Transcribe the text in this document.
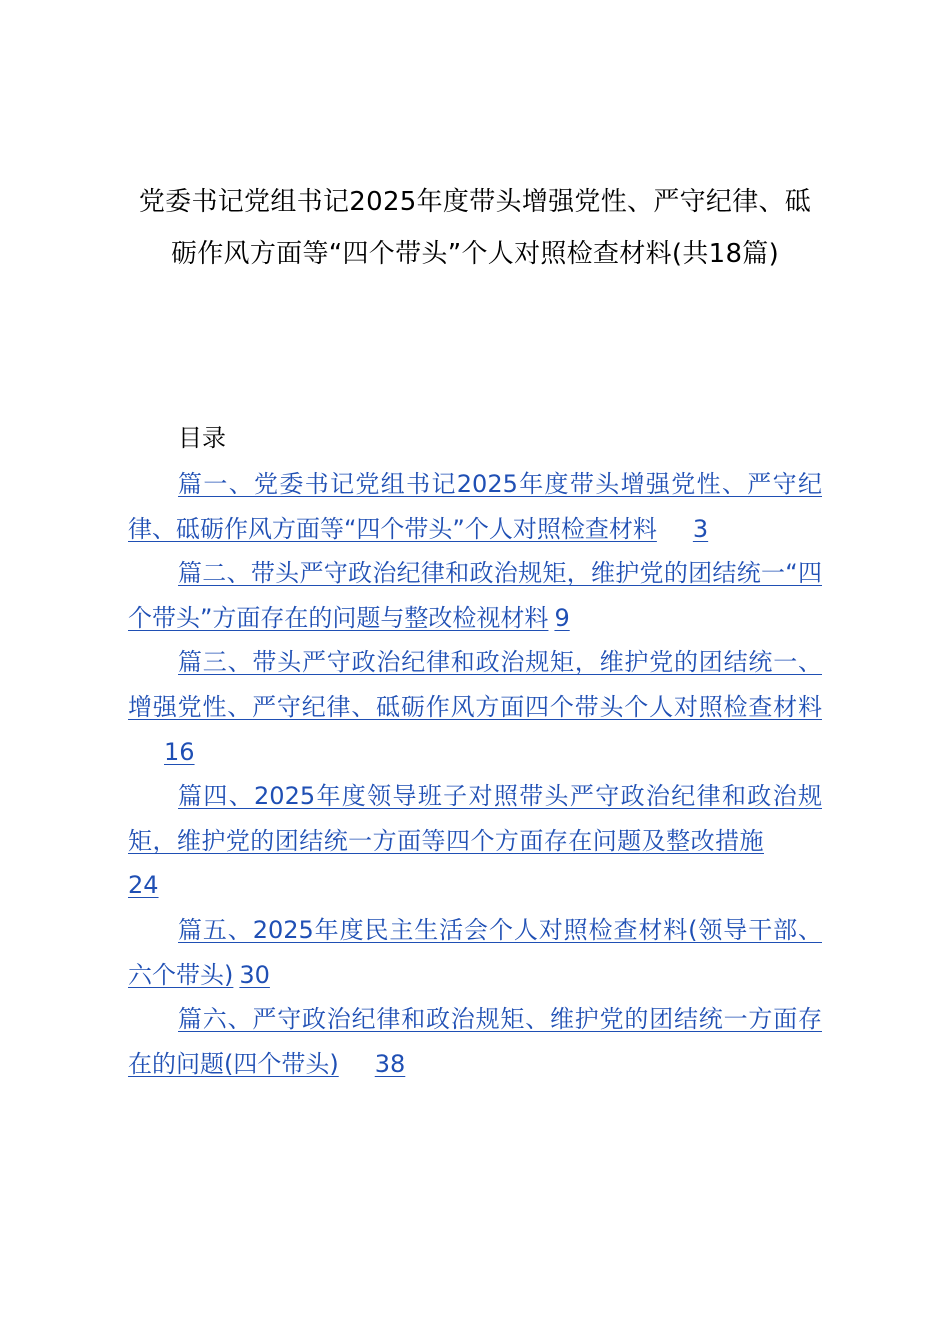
党委书记党组书记2025年度带头增强党性、严守纪律、砥砺作风方面等“四个带头”个人对照检查材料(共18篇)
目录
篇一、党委书记党组书记2025年度带头增强党性、严守纪律、砥砺作风方面等“四个带头”个人对照检查材料 3
篇二、带头严守政治纪律和政治规矩，维护党的团结统一“四个带头”方面存在的问题与整改检视材料 9
篇三、带头严守政治纪律和政治规矩，维护党的团结统一、增强党性、严守纪律、砥砺作风方面四个带头个人对照检查材料16
篇四、2025年度领导班子对照带头严守政治纪律和政治规矩，维护党的团结统一方面等四个方面存在问题及整改措施24
篇五、2025年度民主生活会个人对照检查材料(领导干部、六个带头) 30
篇六、严守政治纪律和政治规矩、维护党的团结统一方面存在的问题(四个带头) 38
